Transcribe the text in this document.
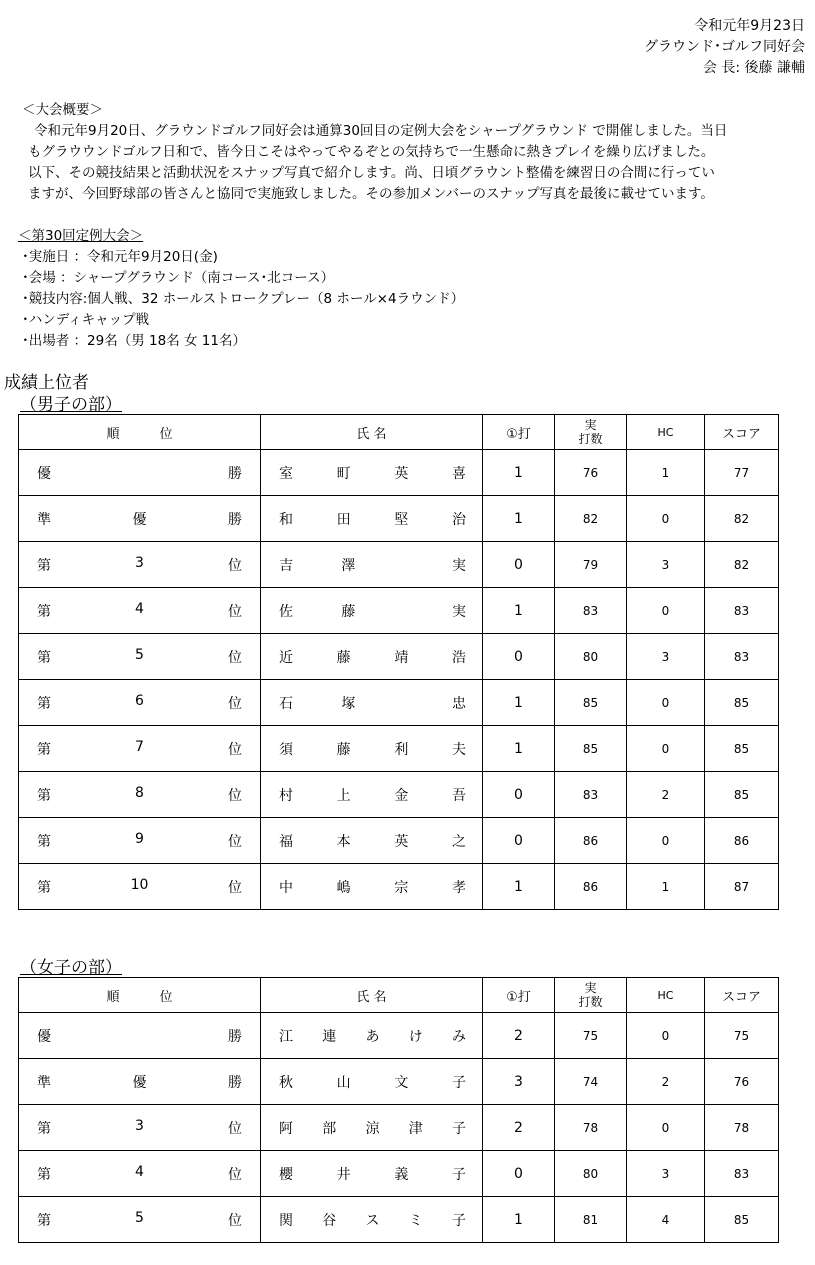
令和元年9月23日
グラウンド･ゴルフ同好会
会 長: 後藤 謙輔
＜大会概要＞

令和元年9月20日、グラウンドゴルフ同好会は通算30回目の定例大会をシャープグラウンド で開催しました。当日

もグラウウンドゴルフ日和で、皆今日こそはやってやるぞとの気持ちで一生懸命に熱きプレイを繰り広げました。

以下、その競技結果と活動状況をスナップ写真で紹介します。尚、日頃グラウント整備を練習日の合間に行ってい

ますが、今回野球部の皆さんと協同で実施致しました。その参加メンバーのスナップ写真を最後に載せています。

＜第30回定例大会＞
･実施日 ：令和元年9月20日(金)
･会場 ：シャープグラウンド（南コース･北コース）
･競技内容:個人戦、32 ホールストロークプレー（8 ホール×4ラウンド）
･ハンディキャップ戦
･出場者 ：29名（男 18名 女 11名）
成績上位者
（男子の部）
順 位	氏 名	①打	実
打数	HC	スコア

優 勝	室 町 英 喜	1	76	1	77

準 優 勝	和 田 堅 治	1	82	0	82

第 3 位	吉 澤 実	0	79	3	82

第 4 位	佐 藤 実	1	83	0	83

第 5 位	近 藤 靖 浩	0	80	3	83

第 6 位	石 塚 忠	1	85	0	85

第 7 位	須 藤 利 夫	1	85	0	85

第 8 位	村 上 金 吾	0	83	2	85

第 9 位	福 本 英 之	0	86	0	86

第 10 位	中 嶋 宗 孝	1	86	1	87
（女子の部）
順 位	氏 名	①打	実
打数	HC	スコア

優 勝	江 連 あ け み	2	75	0	75

準 優 勝	秋 山 文 子	3	74	2	76

第 3 位	阿 部 涼 津 子	2	78	0	78

第 4 位	櫻 井 義 子	0	80	3	83

第 5 位	関 谷 ス ミ 子	1	81	4	85
